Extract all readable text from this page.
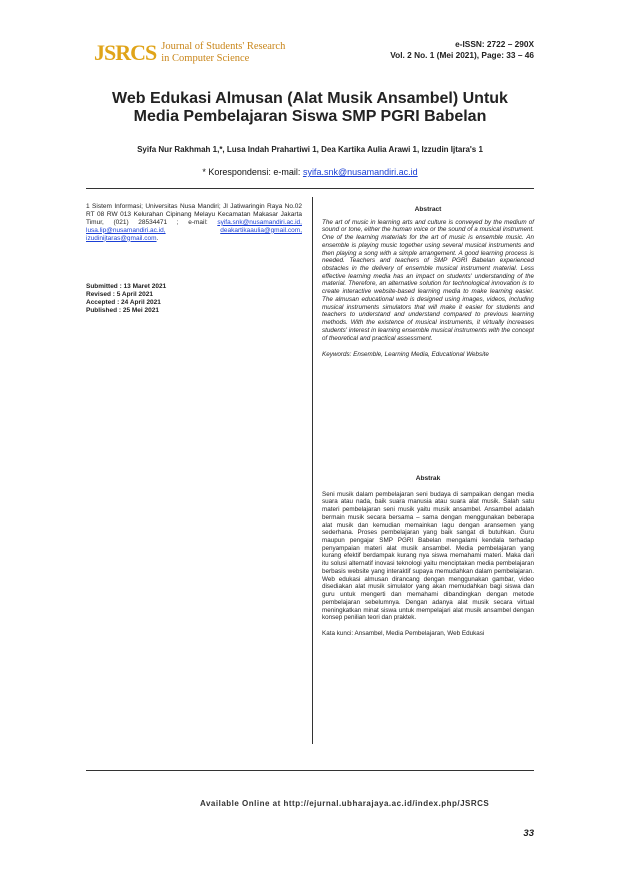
JSRCS Journal of Students' Research
in Computer Science
e-ISSN: 2722 – 290X
Vol. 2 No. 1 (Mei 2021), Page: 33 – 46
Web Edukasi Almusan (Alat Musik Ansambel) Untuk
Media Pembelajaran Siswa SMP PGRI Babelan
Syifa Nur Rakhmah 1,*, Lusa Indah Prahartiwi 1, Dea Kartika Aulia Arawi 1, Izzudin Ijtara's 1
* Korespondensi: e-mail: syifa.snk@nusamandiri.ac.id
1 Sistem Informasi; Universitas Nusa Mandiri; Jl Jatiwaringin Raya No.02 RT 08 RW 013 Kelurahan Cipinang Melayu Kecamatan Makasar Jakarta Timur, (021) 28534471 ; e-mail: syifa.snk@nusamandiri.ac.id, lusa.lip@nusamandiri.ac.id,	deakartikaaulia@gmail.com, izudinijtaras@gmail.com.
Submitted : 13 Maret 2021
Revised : 5 April 2021
Accepted : 24 April 2021
Published : 25 Mei 2021
Abstract
The art of music in learning arts and culture is conveyed by the medium of sound or tone, either the human voice or the sound of a musical instrument. One of the learning materials for the art of music is ensemble music. An ensemble is playing music together using several musical instruments and then playing a song with a simple arrangement. A good learning process is needed. Teachers and teachers of SMP PGRI Babelan experienced obstacles in the delivery of ensemble musical instrument material. Less effective learning media has an impact on students' understanding of the material. Therefore, an alternative solution for technological innovation is to create interactive website-based learning media to make learning easier. The almusan educational web is designed using images, videos, including musical instruments simulators that will make it easier for students and teachers to understand and understand compared to previous learning methods. With the existence of musical instruments, it virtually increases students' interest in learning ensemble musical instruments with the concept of theoretical and practical assessment.
Keywords: Ensemble, Learning Media, Educational Website
Abstrak
Seni musik dalam pembelajaran seni budaya di sampaikan dengan media suara atau nada, baik suara manusia atau suara alat musik. Salah satu materi pembelajaran seni musik yaitu musik ansambel. Ansambel adalah bermain musik secara bersama – sama dengan menggunakan beberapa alat musik dan kemudian memainkan lagu dengan aransemen yang sederhana. Proses pembelajaran yang baik sangat di butuhkan. Guru maupun pengajar SMP PGRI Babelan mengalami kendala terhadap penyampaian materi alat musik ansambel. Media pembelajaran yang kurang efektif berdampak kurang nya siswa memahami materi. Maka dari itu solusi alternatif inovasi teknologi yaitu menciptakan media pembelajaran berbasis website yang interaktif supaya memudahkan dalam pembelajaran. Web edukasi almusan dirancang dengan menggunakan gambar, video disediakan alat musik simulator yang akan memudahkan bagi siswa dan guru untuk mengerti dan memahami dibandingkan dengan metode pembelajaran sebelumnya. Dengan adanya alat musik secara virtual meningkatkan minat siswa untuk mempelajari alat musik ansambel dengan konsep penilian teori dan praktek.
Kata kunci: Ansambel, Media Pembelajaran, Web Edukasi
Available Online at http://ejurnal.ubharajaya.ac.id/index.php/JSRCS
33
